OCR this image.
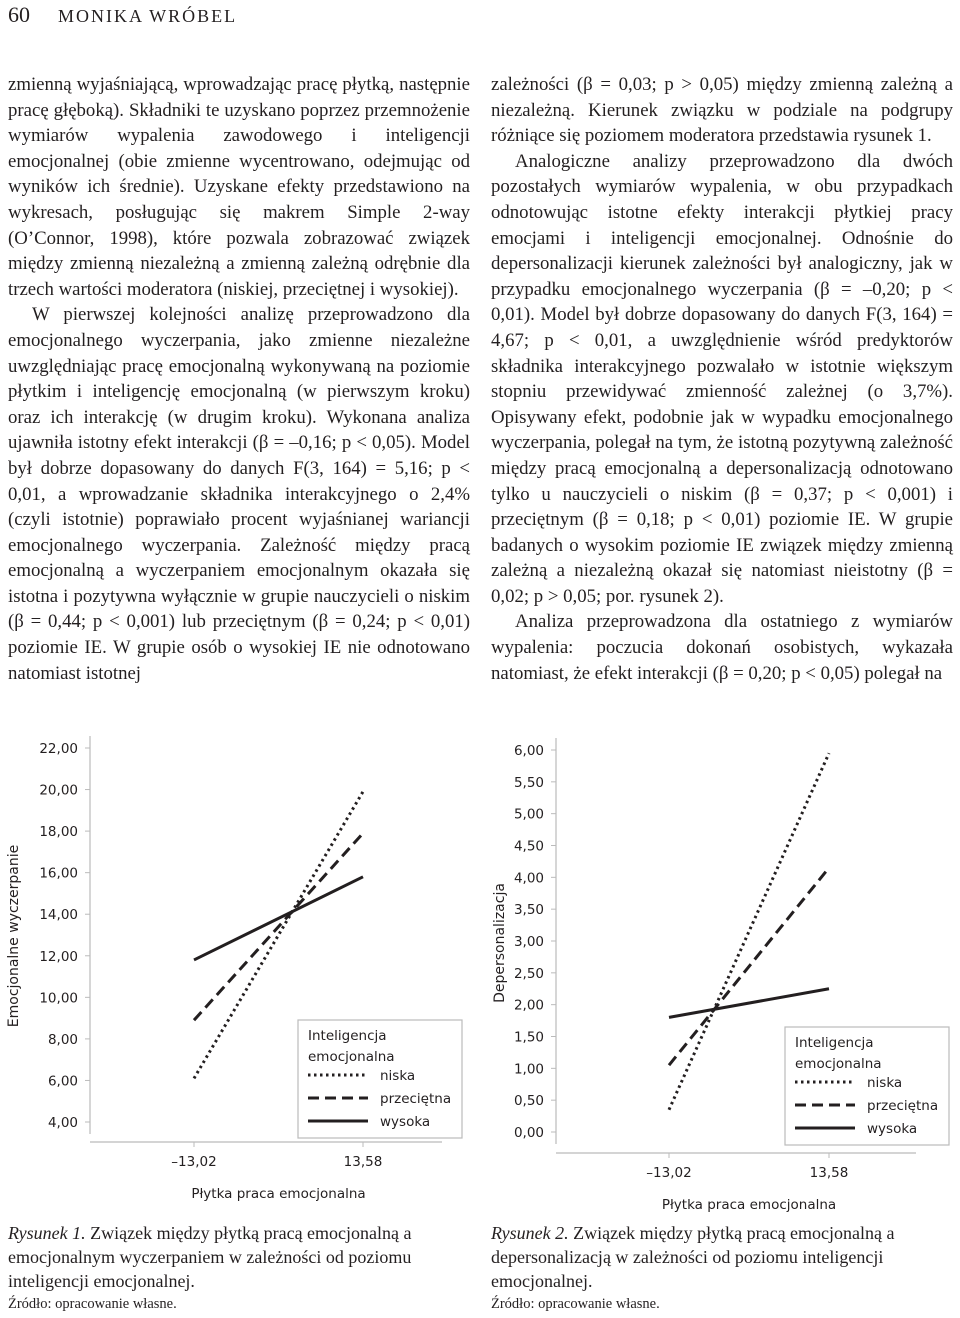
60 MONIKA WRÓBEL

zmienną wyjaśniającą, wprowadzając pracę płytką, następnie pracę głęboką). Składniki te uzyskano poprzez przemnożenie wymiarów wypalenia zawodowego i inteligencji emocjonalnej (obie zmienne wycentrowano, odejmując od wyników ich średnie). Uzyskane efekty przedstawiono na wykresach, posługując się makrem Simple 2-way (O’Connor, 1998), które pozwala zobrazować związek między zmienną niezależną a zmienną zależną odrębnie dla trzech wartości moderatora (niskiej, przeciętnej i wysokiej).

W pierwszej kolejności analizę przeprowadzono dla emocjonalnego wyczerpania, jako zmienne niezależne uwzględniając pracę emocjonalną wykonywaną na poziomie płytkim i inteligencję emocjonalną (w pierwszym kroku) oraz ich interakcję (w drugim kroku). Wykonana analiza ujawniła istotny efekt interakcji (β = –0,16; p < 0,05). Model był dobrze dopasowany do danych F(3, 164) = 5,16; p < 0,01, a wprowadzanie składnika interakcyjnego o 2,4% (czyli istotnie) poprawiało procent wyjaśnianej wariancji emocjonalnego wyczerpania. Zależność między pracą emocjonalną a wyczerpaniem emocjonalnym okazała się istotna i pozytywna wyłącznie w grupie nauczycieli o niskim (β = 0,44; p < 0,001) lub przeciętnym (β = 0,24; p < 0,01) poziomie IE. W grupie osób o wysokiej IE nie odnotowano natomiast istotnej

zależności (β = 0,03; p > 0,05) między zmienną zależną a niezależną. Kierunek związku w podziale na podgrupy różniące się poziomem moderatora przedstawia rysunek 1.

Analogiczne analizy przeprowadzono dla dwóch pozostałych wymiarów wypalenia, w obu przypadkach odnotowując istotne efekty interakcji płytkiej pracy emocjami i inteligencji emocjonalnej. Odnośnie do depersonalizacji kierunek zależności był analogiczny, jak w przypadku emocjonalnego wyczerpania (β = –0,20; p < 0,01). Model był dobrze dopasowany do danych F(3, 164) = 4,67; p < 0,01, a uwzględnienie wśród predyktorów składnika interakcyjnego pozwalało w istotnie większym stopniu przewidywać zmienność zależnej (o 3,7%). Opisywany efekt, podobnie jak w wypadku emocjonalnego wyczerpania, polegał na tym, że istotną pozytywną zależność między pracą emocjonalną a depersonalizacją odnotowano tylko u nauczycieli o niskim (β = 0,37; p < 0,001) i przeciętnym (β = 0,18; p < 0,01) poziomie IE. W grupie badanych o wysokim poziomie IE związek między zmienną zależną a niezależną okazał się natomiast nieistotny (β = 0,02; p > 0,05; por. rysunek 2).

Analiza przeprowadzona dla ostatniego z wymiarów wypalenia: poczucia dokonań osobistych, wykazała natomiast, że efekt interakcji (β = 0,20; p < 0,05) polegał na

22,00
20,00
18,00
16,00
14,00
12,00
10,00
8,00
6,00
4,00
–13,02	13,58
Płytka praca emocjonalna
Emocjonalne wyczerpanie
Inteligencja
emocjonalna
niska
przeciętna
wysoka
6,00
5,50
5,00
4,50
4,00
3,50
3,00
2,50
2,00
1,50
1,00
0,50
0,00
–13,02	13,58
Płytka praca emocjonalna
Depersonalizacja
Inteligencja
emocjonalna
niska
przeciętna
wysoka
Rysunek 1. Związek między płytką pracą emocjonalną a emocjonalnym wyczerpaniem w zależności od poziomu inteligencji emocjonalnej.
Źródło: opracowanie własne.
Rysunek 2. Związek między płytką pracą emocjonalną a depersonalizacją w zależności od poziomu inteligencji emocjonalnej.
Źródło: opracowanie własne.
